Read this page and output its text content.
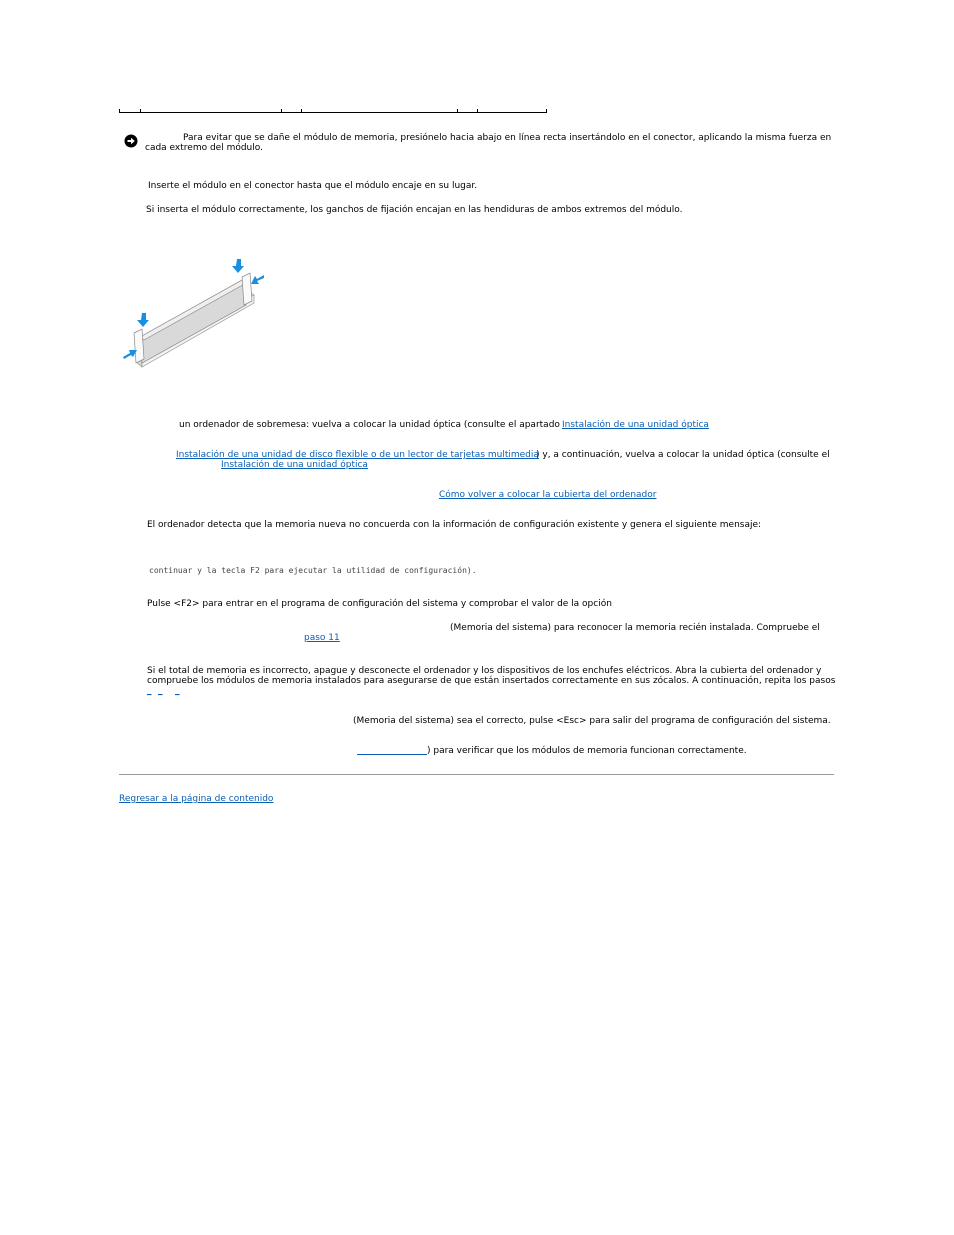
Para evitar que se dañe el módulo de memoria, presiónelo hacia abajo en línea recta insertándolo en el conector, aplicando la misma fuerza en
cada extremo del módulo.
Inserte el módulo en el conector hasta que el módulo encaje en su lugar.
Si inserta el módulo correctamente, los ganchos de fijación encajan en las hendiduras de ambos extremos del módulo.
un ordenador de sobremesa: vuelva a colocar la unidad óptica (consulte el apartado Instalación de una unidad óptica
Instalación de una unidad de disco flexible o de un lector de tarjetas multimedia
) y, a continuación, vuelva a colocar la unidad óptica (consulte el
Instalación de una unidad óptica
Cómo volver a colocar la cubierta del ordenador
El ordenador detecta que la memoria nueva no concuerda con la información de configuración existente y genera el siguiente mensaje:
continuar y la tecla F2 para ejecutar la utilidad de configuración).
Pulse <F2> para entrar en el programa de configuración del sistema y comprobar el valor de la opción
(Memoria del sistema) para reconocer la memoria recién instalada. Compruebe el
paso 11
Si el total de memoria es incorrecto, apague y desconecte el ordenador y los dispositivos de los enchufes eléctricos. Abra la cubierta del ordenador y
compruebe los módulos de memoria instalados para asegurarse de que están insertados correctamente en sus zócalos. A continuación, repita los pasos
_ _ _
(Memoria del sistema) sea el correcto, pulse <Esc> para salir del programa de configuración del sistema.
) para verificar que los módulos de memoria funcionan correctamente.
Regresar a la página de contenido
